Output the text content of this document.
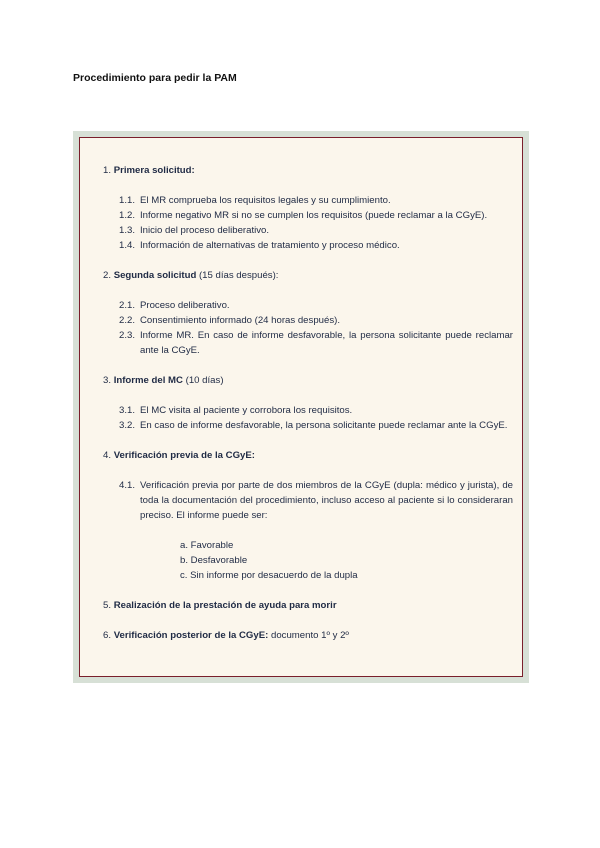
Procedimiento para pedir la PAM

1. Primera solicitud:

1.1. El MR comprueba los requisitos legales y su cumplimiento.
1.2. Informe negativo MR si no se cumplen los requisitos (puede reclamar a la CGyE).
1.3. Inicio del proceso deliberativo.
1.4. Información de alternativas de tratamiento y proceso médico.

2. Segunda solicitud (15 días después):

2.1. Proceso deliberativo.
2.2. Consentimiento informado (24 horas después).
2.3. Informe MR. En caso de informe desfavorable, la persona solicitante puede reclamar ante la CGyE.

3. Informe del MC (10 días)

3.1. El MC visita al paciente y corrobora los requisitos.
3.2. En caso de informe desfavorable, la persona solicitante puede reclamar ante la CGyE.

4. Verificación previa de la CGyE:

4.1. Verificación previa por parte de dos miembros de la CGyE (dupla: médico y jurista), de toda la documentación del procedimiento, incluso acceso al paciente si lo consideraran preciso. El informe puede ser:
a. Favorable
b. Desfavorable
c. Sin informe por desacuerdo de la dupla

5. Realización de la prestación de ayuda para morir

6. Verificación posterior de la CGyE: documento 1º y 2º
